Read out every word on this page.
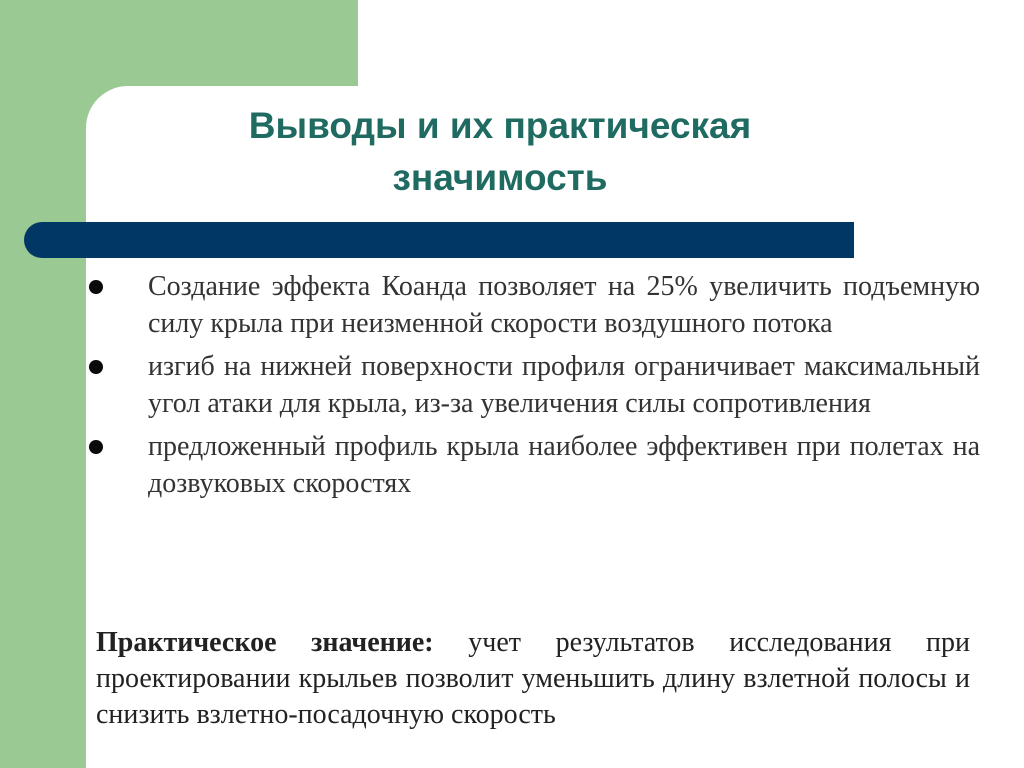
Выводы и их практическая значимость
Создание эффекта Коанда позволяет на 25% увеличить подъемную силу крыла при неизменной скорости воздушного потока
изгиб на нижней поверхности профиля ограничивает максимальный угол атаки для крыла, из-за увеличения силы сопротивления
предложенный профиль крыла наиболее эффективен при полетах на дозвуковых скоростях

Практическое значение: учет результатов исследования при проектировании крыльев позволит уменьшить длину взлетной полосы и снизить взлетно-посадочную скорость
